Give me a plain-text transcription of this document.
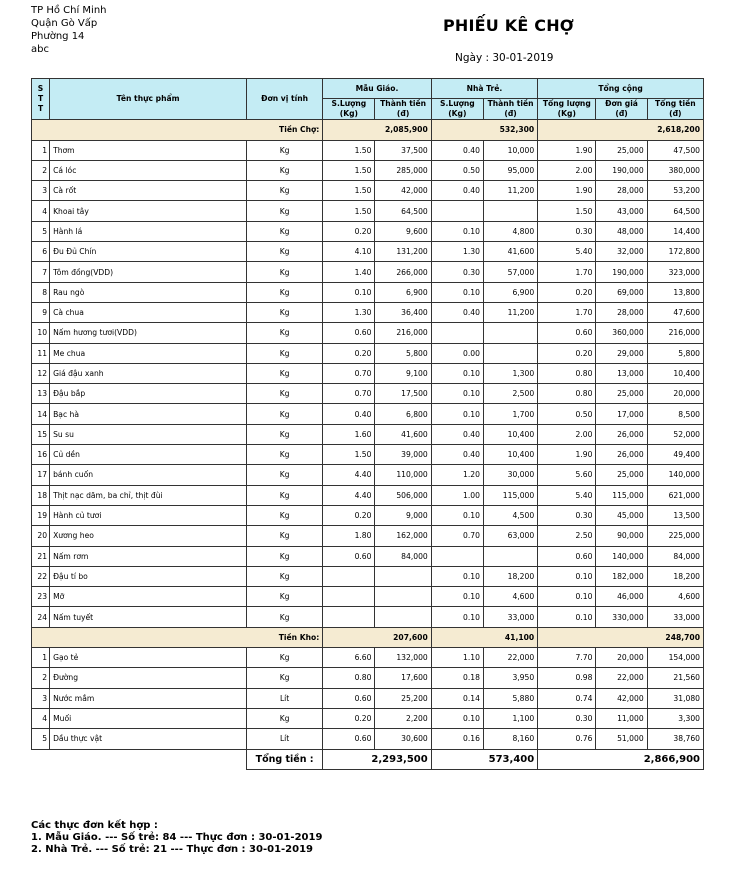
TP Hồ Chí Minh
Quận Gò Vấp
Phường 14
abc
PHIẾU KÊ CHỢ
Ngày : 30-01-2019
S
T
T	Tên thực phẩm	Đơn vị tính	Mẫu Giáo.		Nhà Trẻ.		Tổng cộng		
			S.Lượng (Kg)	Thành tiền (đ)	S.Lượng (Kg)	Thành tiền (đ)	Tổng lượng (Kg)	Đơn giá (đ)	Tổng tiền (đ)
Tiền Chợ:			2,085,900		532,300		2,618,200		
1	Thơm	Kg	1.50	37,500	0.40	10,000	1.90	25,000	47,500
2	Cá lóc	Kg	1.50	285,000	0.50	95,000	2.00	190,000	380,000
3	Cà rốt	Kg	1.50	42,000	0.40	11,200	1.90	28,000	53,200
4	Khoai tây	Kg	1.50	64,500			1.50	43,000	64,500
5	Hành lá	Kg	0.20	9,600	0.10	4,800	0.30	48,000	14,400
6	Đu Đủ Chín	Kg	4.10	131,200	1.30	41,600	5.40	32,000	172,800
7	Tôm đồng(VDD)	Kg	1.40	266,000	0.30	57,000	1.70	190,000	323,000
8	Rau ngò	Kg	0.10	6,900	0.10	6,900	0.20	69,000	13,800
9	Cà chua	Kg	1.30	36,400	0.40	11,200	1.70	28,000	47,600
10	Nấm hương tươi(VDD)	Kg	0.60	216,000			0.60	360,000	216,000
11	Me chua	Kg	0.20	5,800	0.00		0.20	29,000	5,800
12	Giá đậu xanh	Kg	0.70	9,100	0.10	1,300	0.80	13,000	10,400
13	Đậu bắp	Kg	0.70	17,500	0.10	2,500	0.80	25,000	20,000
14	Bạc hà	Kg	0.40	6,800	0.10	1,700	0.50	17,000	8,500
15	Su su	Kg	1.60	41,600	0.40	10,400	2.00	26,000	52,000
16	Củ dền	Kg	1.50	39,000	0.40	10,400	1.90	26,000	49,400
17	bánh cuốn	Kg	4.40	110,000	1.20	30,000	5.60	25,000	140,000
18	Thịt nạc dăm, ba chỉ, thịt đùi	Kg	4.40	506,000	1.00	115,000	5.40	115,000	621,000
19	Hành củ tươi	Kg	0.20	9,000	0.10	4,500	0.30	45,000	13,500
20	Xương heo	Kg	1.80	162,000	0.70	63,000	2.50	90,000	225,000
21	Nấm rơm	Kg	0.60	84,000			0.60	140,000	84,000
22	Đậu tí bo	Kg			0.10	18,200	0.10	182,000	18,200
23	Mỡ	Kg			0.10	4,600	0.10	46,000	4,600
24	Nấm tuyết	Kg			0.10	33,000	0.10	330,000	33,000
Tiền Kho:			207,600		41,100		248,700		
1	Gạo tẻ	Kg	6.60	132,000	1.10	22,000	7.70	20,000	154,000
2	Đường	Kg	0.80	17,600	0.18	3,950	0.98	22,000	21,560
3	Nước mắm	Lít	0.60	25,200	0.14	5,880	0.74	42,000	31,080
4	Muối	Kg	0.20	2,200	0.10	1,100	0.30	11,000	3,300
5	Dầu thực vật	Lít	0.60	30,600	0.16	8,160	0.76	51,000	38,760
		Tổng tiền :	2,293,500		573,400		2,866,900		
Các thực đơn kết hợp :
1. Mẫu Giáo. --- Số trẻ: 84 --- Thực đơn : 30-01-2019
2. Nhà Trẻ. --- Số trẻ: 21 --- Thực đơn : 30-01-2019
